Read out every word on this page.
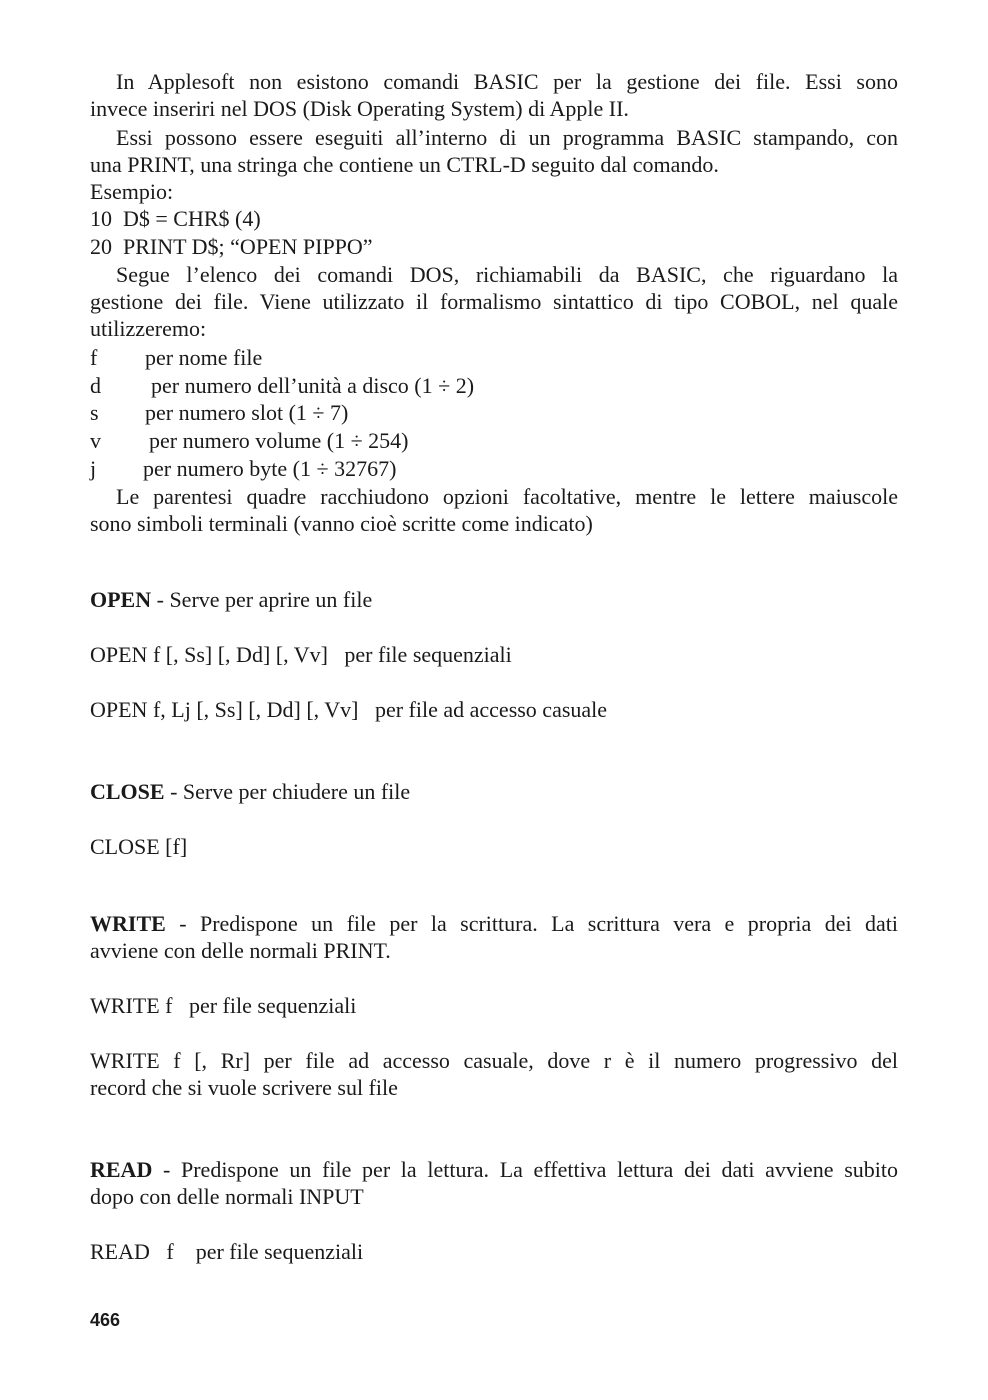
In Applesoft non esistono comandi BASIC per la gestione dei file. Essi sono
invece inseriri nel DOS (Disk Operating System) di Apple II.
Essi possono essere eseguiti all’interno di un programma BASIC stampando, con
una PRINT, una stringa che contiene un CTRL-D seguito dal comando.
Esempio:
10  D$ = CHR$ (4)
20  PRINT D$; “OPEN PIPPO”
Segue l’elenco dei comandi DOS, richiamabili da BASIC, che riguardano la
gestione dei file. Viene utilizzato il formalismo sintattico di tipo COBOL, nel quale
utilizzeremo:
f per nome file
d per numero dell’unità a disco (1 ÷ 2)
s per numero slot (1 ÷ 7)
v per numero volume (1 ÷ 254)
j per numero byte (1 ÷ 32767)
Le parentesi quadre racchiudono opzioni facoltative, mentre le lettere maiuscole
sono simboli terminali (vanno cioè scritte come indicato)
OPEN - Serve per aprire un file
OPEN f [, Ss] [, Dd] [, Vv]   per file sequenziali
OPEN f, Lj [, Ss] [, Dd] [, Vv]   per file ad accesso casuale
CLOSE - Serve per chiudere un file
CLOSE [f]
WRITE - Predispone un file per la scrittura. La scrittura vera e propria dei dati
avviene con delle normali PRINT.
WRITE f   per file sequenziali
WRITE f [, Rr] per file ad accesso casuale, dove r è il numero progressivo del
record che si vuole scrivere sul file
READ - Predispone un file per la lettura. La effettiva lettura dei dati avviene subito
dopo con delle normali INPUT
READ   f    per file sequenziali
466
